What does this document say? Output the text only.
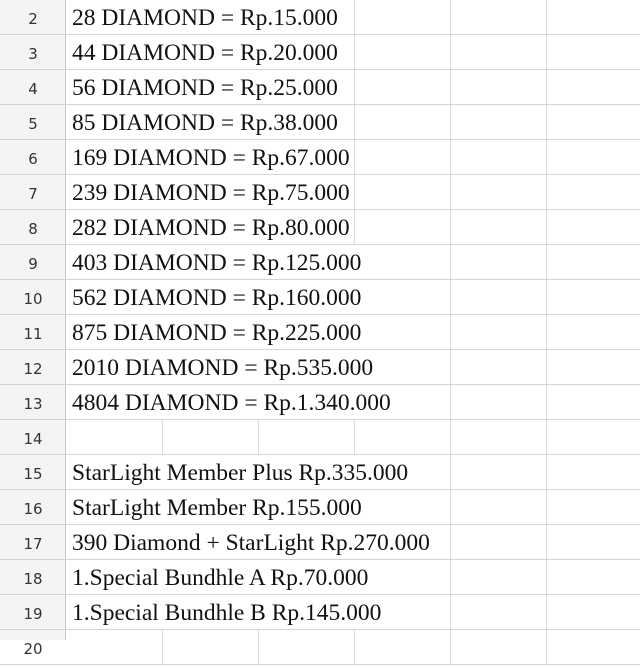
2	28 DIAMOND = Rp.15.000
3	44 DIAMOND = Rp.20.000
4	56 DIAMOND = Rp.25.000
5	85 DIAMOND = Rp.38.000
6	169 DIAMOND = Rp.67.000
7	239 DIAMOND = Rp.75.000
8	282 DIAMOND = Rp.80.000
9	403 DIAMOND = Rp.125.000
10	562 DIAMOND = Rp.160.000
11	875 DIAMOND = Rp.225.000
12	2010 DIAMOND = Rp.535.000
13	4804 DIAMOND = Rp.1.340.000
14
15	StarLight Member Plus Rp.335.000
16	StarLight Member Rp.155.000
17	390 Diamond + StarLight Rp.270.000
18	1.Special Bundhle A Rp.70.000
19	1.Special Bundhle B Rp.145.000
20
